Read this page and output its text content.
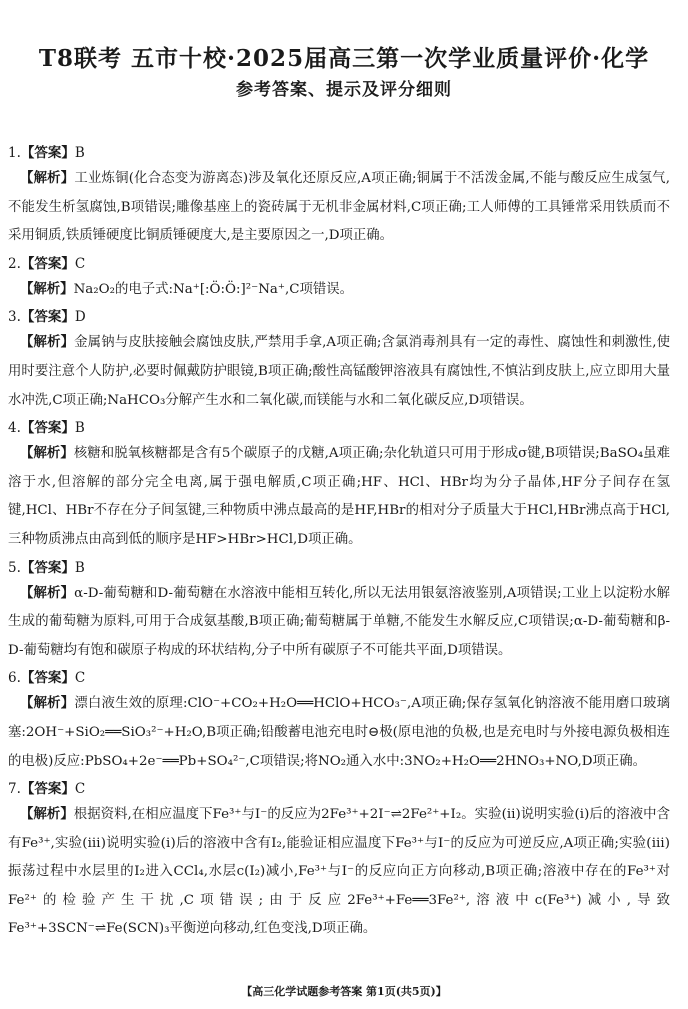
T8联考 五市十校·2025届高三第一次学业质量评价·化学
参考答案、提示及评分细则
1.【答案】B
【解析】工业炼铜(化合态变为游离态)涉及氧化还原反应,A项正确;铜属于不活泼金属,不能与酸反应生成氢气,不能发生析氢腐蚀,B项错误;雕像基座上的瓷砖属于无机非金属材料,C项正确;工人师傅的工具锤常采用铁质而不采用铜质,铁质锤硬度比铜质锤硬度大,是主要原因之一,D项正确。
2.【答案】C
【解析】Na₂O₂的电子式:Na⁺[:Ö:Ö:]²⁻Na⁺,C项错误。
3.【答案】D
【解析】金属钠与皮肤接触会腐蚀皮肤,严禁用手拿,A项正确;含氯消毒剂具有一定的毒性、腐蚀性和刺激性,使用时要注意个人防护,必要时佩戴防护眼镜,B项正确;酸性高锰酸钾溶液具有腐蚀性,不慎沾到皮肤上,应立即用大量水冲洗,C项正确;NaHCO₃分解产生水和二氧化碳,而镁能与水和二氧化碳反应,D项错误。
4.【答案】B
【解析】核糖和脱氧核糖都是含有5个碳原子的戊糖,A项正确;杂化轨道只可用于形成σ键,B项错误;BaSO₄虽难溶于水,但溶解的部分完全电离,属于强电解质,C项正确;HF、HCl、HBr均为分子晶体,HF分子间存在氢键,HCl、HBr不存在分子间氢键,三种物质中沸点最高的是HF,HBr的相对分子质量大于HCl,HBr沸点高于HCl,三种物质沸点由高到低的顺序是HF>HBr>HCl,D项正确。
5.【答案】B
【解析】α-D-葡萄糖和D-葡萄糖在水溶液中能相互转化,所以无法用银氨溶液鉴别,A项错误;工业上以淀粉水解生成的葡萄糖为原料,可用于合成氨基酸,B项正确;葡萄糖属于单糖,不能发生水解反应,C项错误;α-D-葡萄糖和β-D-葡萄糖均有饱和碳原子构成的环状结构,分子中所有碳原子不可能共平面,D项错误。
6.【答案】C
【解析】漂白液生效的原理:ClO⁻+CO₂+H₂O══HClO+HCO₃⁻,A项正确;保存氢氧化钠溶液不能用磨口玻璃塞:2OH⁻+SiO₂══SiO₃²⁻+H₂O,B项正确;铅酸蓄电池充电时⊖极(原电池的负极,也是充电时与外接电源负极相连的电极)反应:PbSO₄+2e⁻══Pb+SO₄²⁻,C项错误;将NO₂通入水中:3NO₂+H₂O══2HNO₃+NO,D项正确。
7.【答案】C
【解析】根据资料,在相应温度下Fe³⁺与I⁻的反应为2Fe³⁺+2I⁻⇌2Fe²⁺+I₂。实验(ⅱ)说明实验(ⅰ)后的溶液中含有Fe³⁺,实验(ⅲ)说明实验(ⅰ)后的溶液中含有I₂,能验证相应温度下Fe³⁺与I⁻的反应为可逆反应,A项正确;实验(ⅲ)振荡过程中水层里的I₂进入CCl₄,水层c(I₂)减小,Fe³⁺与I⁻的反应向正方向移动,B项正确;溶液中存在的Fe³⁺对Fe²⁺的检验产生干扰,C项错误;由于反应2Fe³⁺+Fe══3Fe²⁺,溶液中c(Fe³⁺)减小,导致Fe³⁺+3SCN⁻⇌Fe(SCN)₃平衡逆向移动,红色变浅,D项正确。
【高三化学试题参考答案 第1页(共5页)】
